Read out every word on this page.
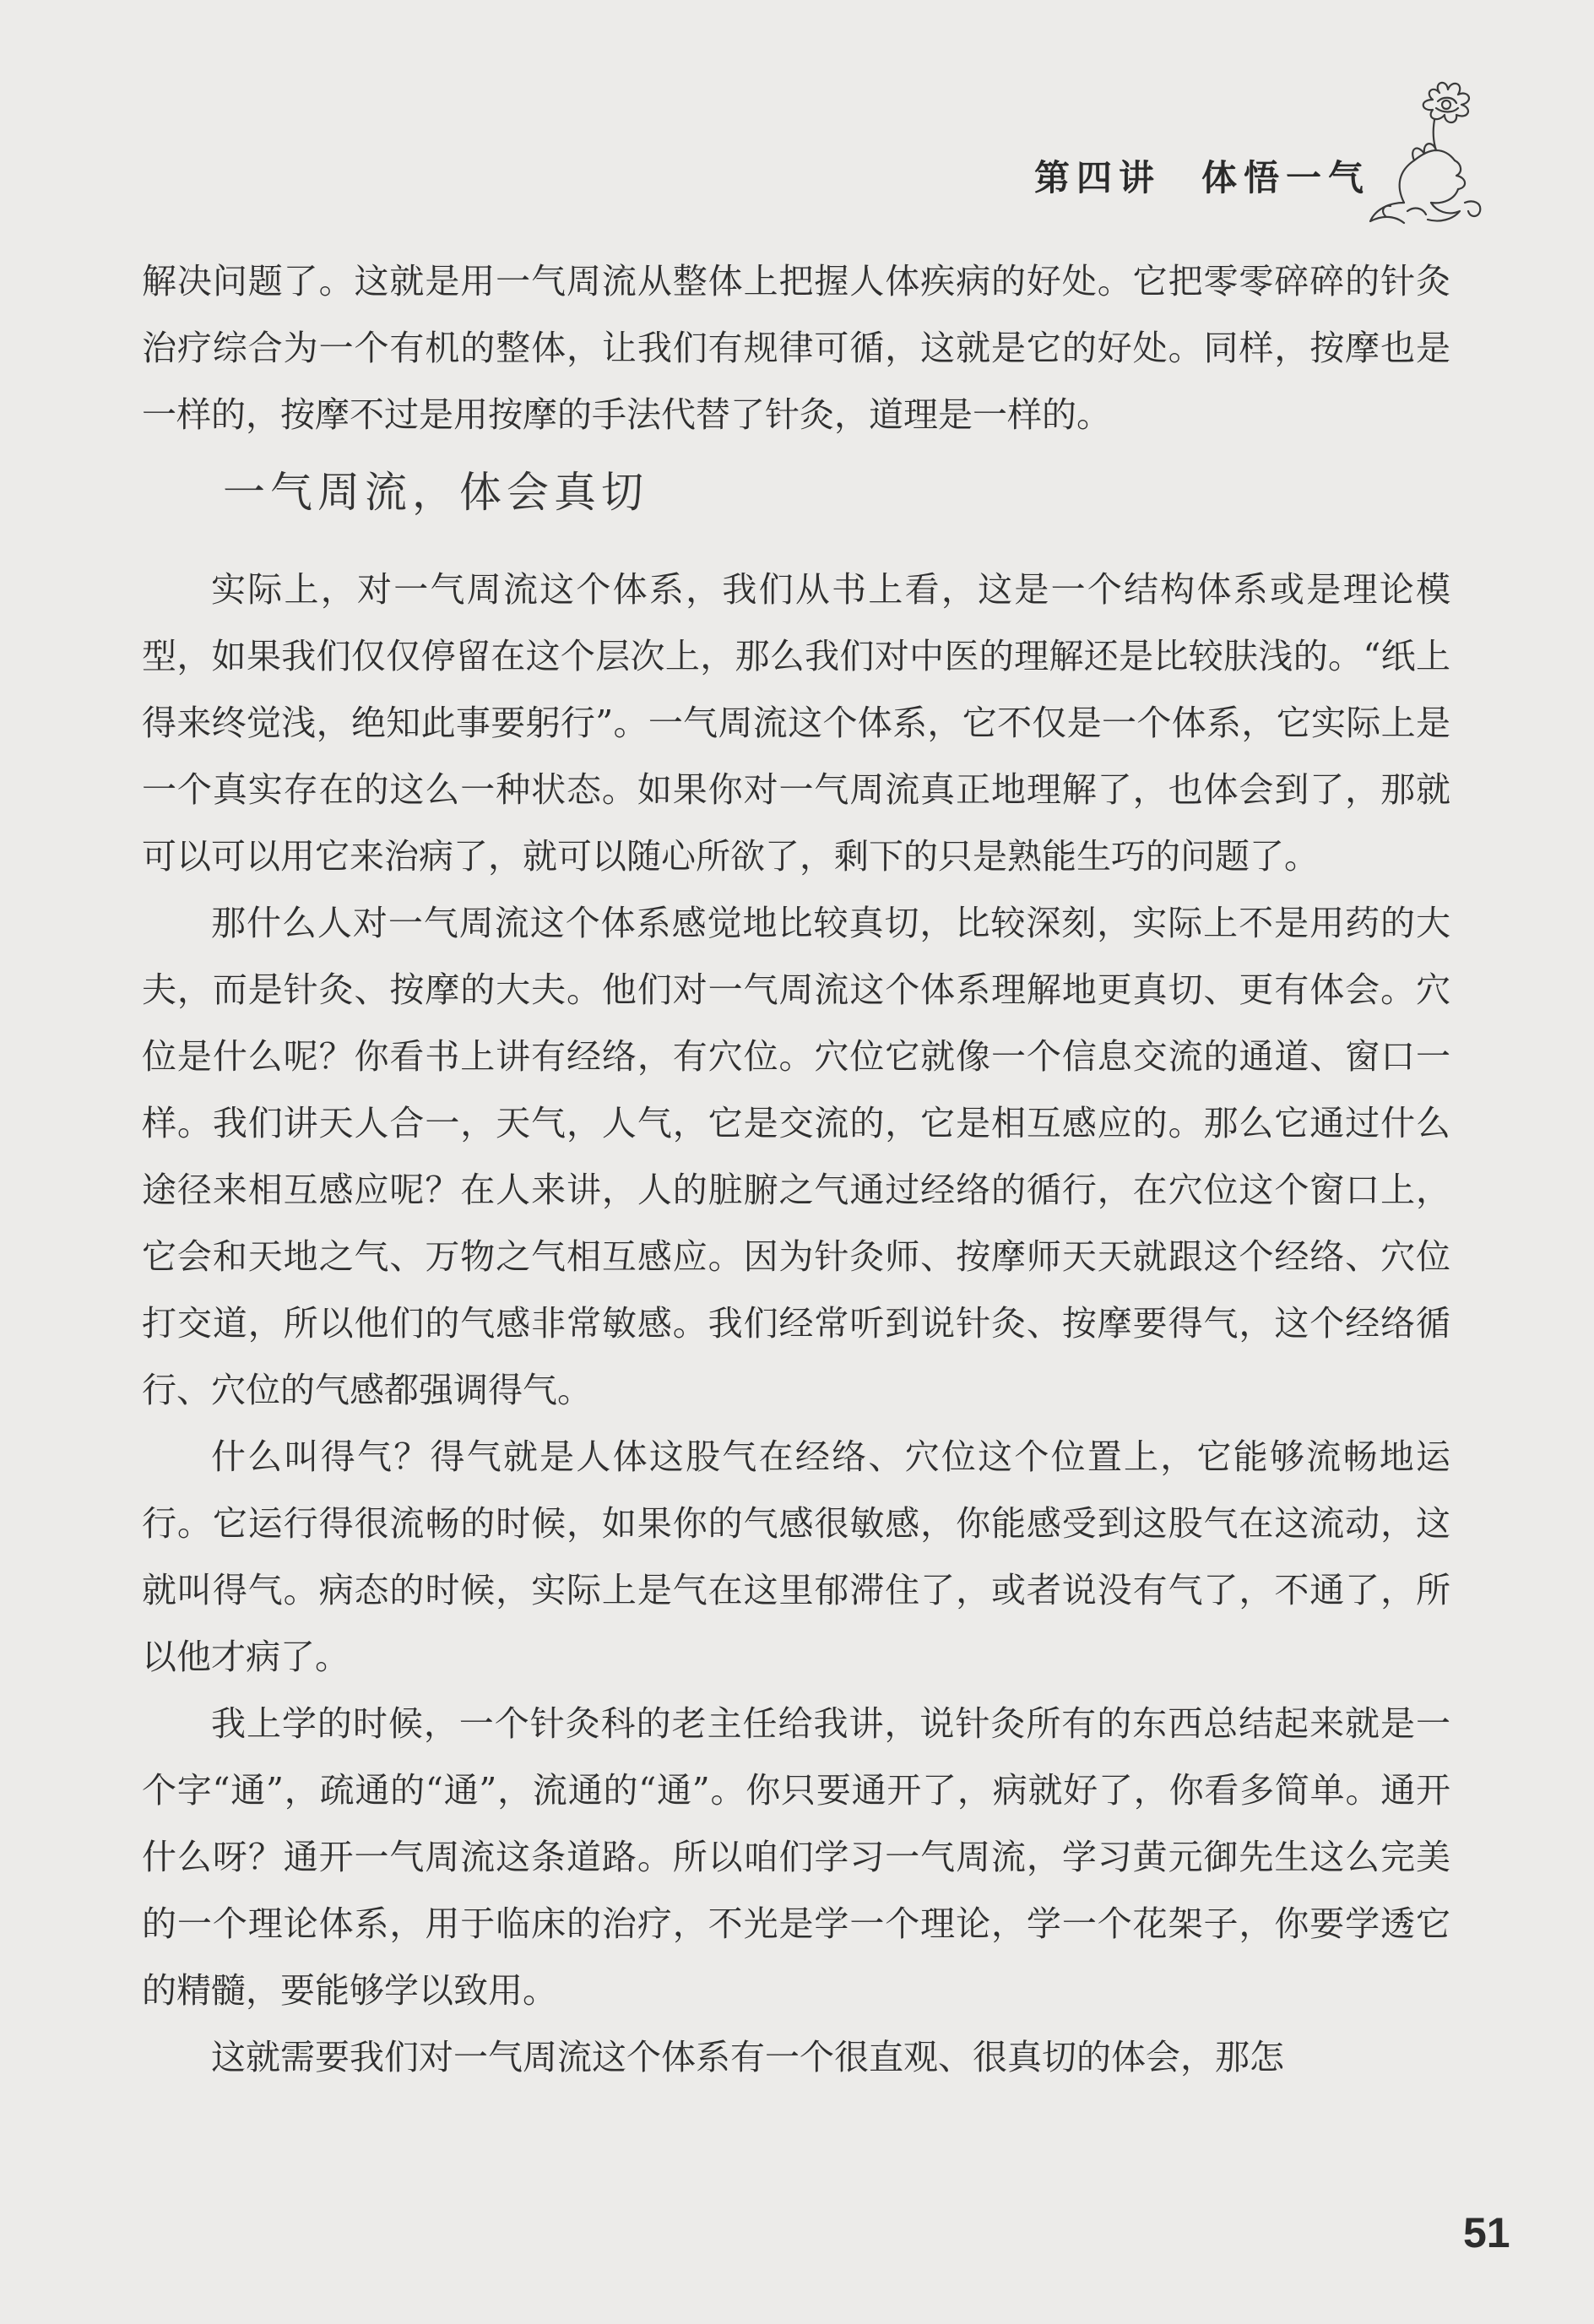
第四讲 体悟一气

解决问题了。这就是用一气周流从整体上把握人体疾病的好处。它把零零碎碎的针灸治疗综合为一个有机的整体，让我们有规律可循，这就是它的好处。同样，按摩也是一样的，按摩不过是用按摩的手法代替了针灸，道理是一样的。

一气周流，体会真切

实际上，对一气周流这个体系，我们从书上看，这是一个结构体系或是理论模型，如果我们仅仅停留在这个层次上，那么我们对中医的理解还是比较肤浅的。“纸上得来终觉浅，绝知此事要躬行”。一气周流这个体系，它不仅是一个体系，它实际上是一个真实存在的这么一种状态。如果你对一气周流真正地理解了，也体会到了，那就可以可以用它来治病了，就可以随心所欲了，剩下的只是熟能生巧的问题了。

那什么人对一气周流这个体系感觉地比较真切，比较深刻，实际上不是用药的大夫，而是针灸、按摩的大夫。他们对一气周流这个体系理解地更真切、更有体会。穴位是什么呢？你看书上讲有经络，有穴位。穴位它就像一个信息交流的通道、窗口一样。我们讲天人合一，天气，人气，它是交流的，它是相互感应的。那么它通过什么途径来相互感应呢？在人来讲，人的脏腑之气通过经络的循行，在穴位这个窗口上，它会和天地之气、万物之气相互感应。因为针灸师、按摩师天天就跟这个经络、穴位打交道，所以他们的气感非常敏感。我们经常听到说针灸、按摩要得气，这个经络循行、穴位的气感都强调得气。

什么叫得气？得气就是人体这股气在经络、穴位这个位置上，它能够流畅地运行。它运行得很流畅的时候，如果你的气感很敏感，你能感受到这股气在这流动，这就叫得气。病态的时候，实际上是气在这里郁滞住了，或者说没有气了，不通了，所以他才病了。

我上学的时候，一个针灸科的老主任给我讲，说针灸所有的东西总结起来就是一个字“通”，疏通的“通”，流通的“通”。你只要通开了，病就好了，你看多简单。通开什么呀？通开一气周流这条道路。所以咱们学习一气周流，学习黄元御先生这么完美的一个理论体系，用于临床的治疗，不光是学一个理论，学一个花架子，你要学透它的精髓，要能够学以致用。

这就需要我们对一气周流这个体系有一个很直观、很真切的体会，那怎

51
